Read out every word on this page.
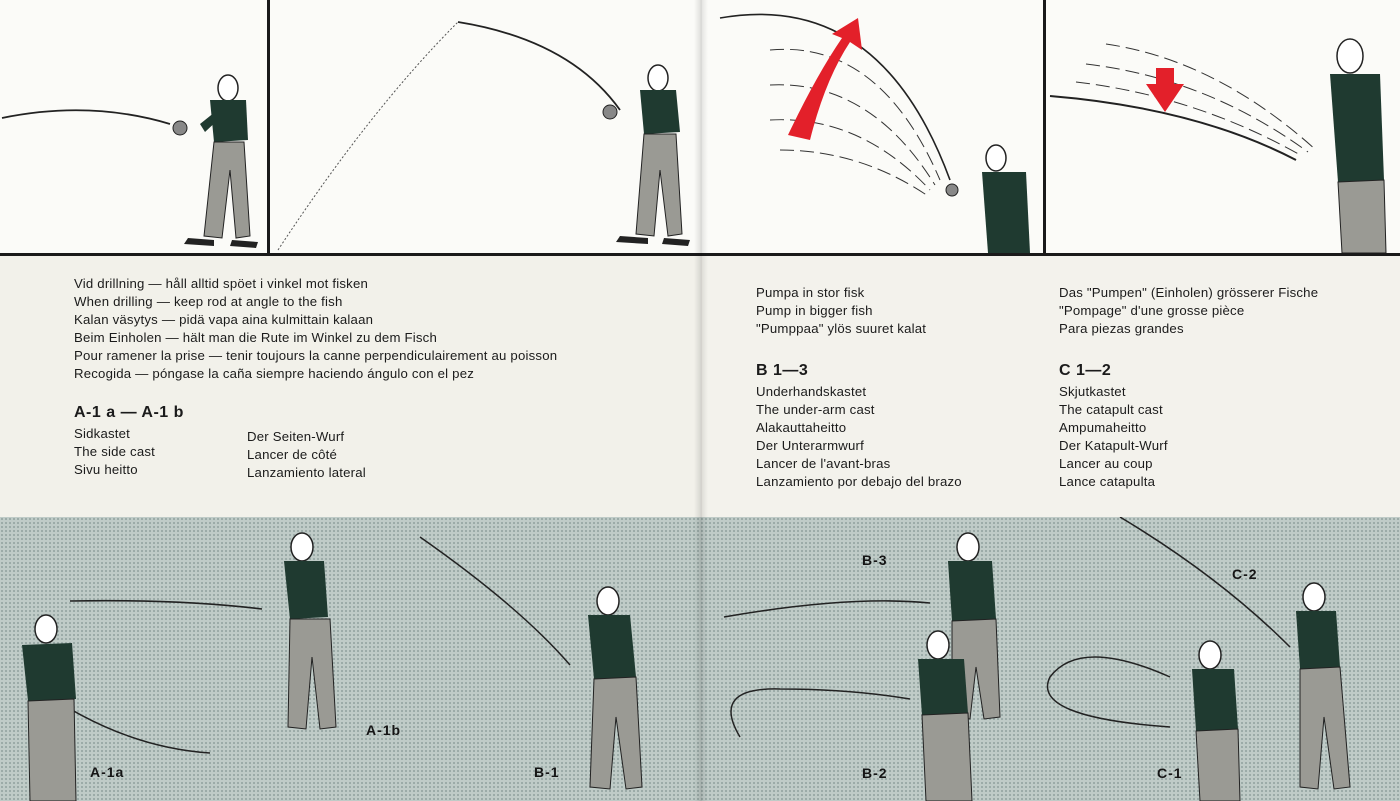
Vid drillning — håll alltid spöet i vinkel mot fisken
When drilling — keep rod at angle to the fish
Kalan väsytys — pidä vapa aina kulmittain kalaan
Beim Einholen — hält man die Rute im Winkel zu dem Fisch
Pour ramener la prise — tenir toujours la canne perpendiculairement au poisson
Recogida — póngase la caña siempre haciendo ángulo con el pez
A-1 a — A-1 b
Sidkastet
The side cast
Sivu heitto
Der Seiten-Wurf
Lancer de côté
Lanzamiento lateral
A-1a
A-1b
B-1
Pumpa in stor fisk
Pump in bigger fish
"Pumppaa" ylös suuret kalat
B 1—3
Underhandskastet
The under-arm cast
Alakauttaheitto
Der Unterarmwurf
Lancer de l'avant-bras
Lanzamiento por debajo del brazo
Das "Pumpen" (Einholen) grösserer Fische
"Pompage" d'une grosse pièce
Para piezas grandes
C 1—2
Skjutkastet
The catapult cast
Ampumaheitto
Der Katapult-Wurf
Lancer au coup
Lance catapulta
B-3
B-2
C-2
C-1
